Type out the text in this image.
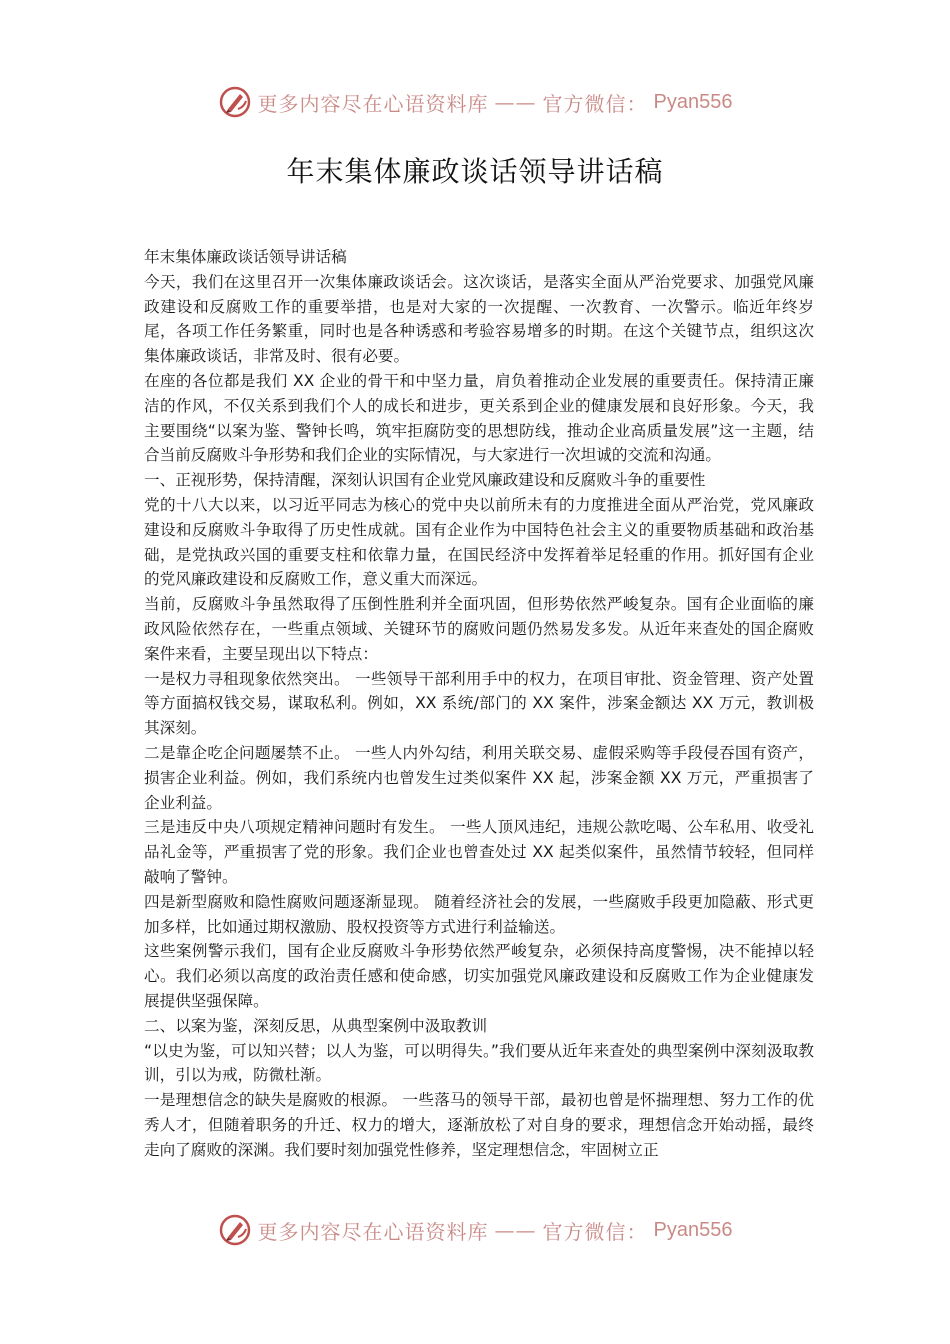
更多内容尽在心语资料库 —— 官方微信： Pyan556
年末集体廉政谈话领导讲话稿

年末集体廉政谈话领导讲话稿

今天，我们在这里召开一次集体廉政谈话会。这次谈话，是落实全面从严治党要求、加强党风廉政建设和反腐败工作的重要举措，也是对大家的一次提醒、一次教育、一次警示。临近年终岁尾，各项工作任务繁重，同时也是各种诱惑和考验容易增多的时期。在这个关键节点，组织这次集体廉政谈话，非常及时、很有必要。

在座的各位都是我们 XX 企业的骨干和中坚力量，肩负着推动企业发展的重要责任。保持清正廉洁的作风，不仅关系到我们个人的成长和进步，更关系到企业的健康发展和良好形象。今天，我主要围绕“以案为鉴、警钟长鸣，筑牢拒腐防变的思想防线，推动企业高质量发展”这一主题，结合当前反腐败斗争形势和我们企业的实际情况，与大家进行一次坦诚的交流和沟通。

一、正视形势，保持清醒，深刻认识国有企业党风廉政建设和反腐败斗争的重要性

党的十八大以来，以习近平同志为核心的党中央以前所未有的力度推进全面从严治党，党风廉政建设和反腐败斗争取得了历史性成就。国有企业作为中国特色社会主义的重要物质基础和政治基础，是党执政兴国的重要支柱和依靠力量，在国民经济中发挥着举足轻重的作用。抓好国有企业的党风廉政建设和反腐败工作，意义重大而深远。

当前，反腐败斗争虽然取得了压倒性胜利并全面巩固，但形势依然严峻复杂。国有企业面临的廉政风险依然存在，一些重点领域、关键环节的腐败问题仍然易发多发。从近年来查处的国企腐败案件来看，主要呈现出以下特点：

一是权力寻租现象依然突出。 一些领导干部利用手中的权力，在项目审批、资金管理、资产处置等方面搞权钱交易，谋取私利。例如，XX 系统/部门的 XX 案件，涉案金额达 XX 万元，教训极其深刻。

二是靠企吃企问题屡禁不止。 一些人内外勾结，利用关联交易、虚假采购等手段侵吞国有资产，损害企业利益。例如，我们系统内也曾发生过类似案件 XX 起，涉案金额 XX 万元，严重损害了企业利益。

三是违反中央八项规定精神问题时有发生。 一些人顶风违纪，违规公款吃喝、公车私用、收受礼品礼金等，严重损害了党的形象。我们企业也曾查处过 XX 起类似案件，虽然情节较轻，但同样敲响了警钟。

四是新型腐败和隐性腐败问题逐渐显现。 随着经济社会的发展，一些腐败手段更加隐蔽、形式更加多样，比如通过期权激励、股权投资等方式进行利益输送。

这些案例警示我们，国有企业反腐败斗争形势依然严峻复杂，必须保持高度警惕，决不能掉以轻心。我们必须以高度的政治责任感和使命感，切实加强党风廉政建设和反腐败工作为企业健康发展提供坚强保障。

二、以案为鉴，深刻反思，从典型案例中汲取教训

“以史为鉴，可以知兴替；以人为鉴，可以明得失。”我们要从近年来查处的典型案例中深刻汲取教训，引以为戒，防微杜渐。

一是理想信念的缺失是腐败的根源。 一些落马的领导干部，最初也曾是怀揣理想、努力工作的优秀人才，但随着职务的升迁、权力的增大，逐渐放松了对自身的要求，理想信念开始动摇，最终走向了腐败的深渊。我们要时刻加强党性修养，坚定理想信念，牢固树立正

更多内容尽在心语资料库 —— 官方微信： Pyan556
